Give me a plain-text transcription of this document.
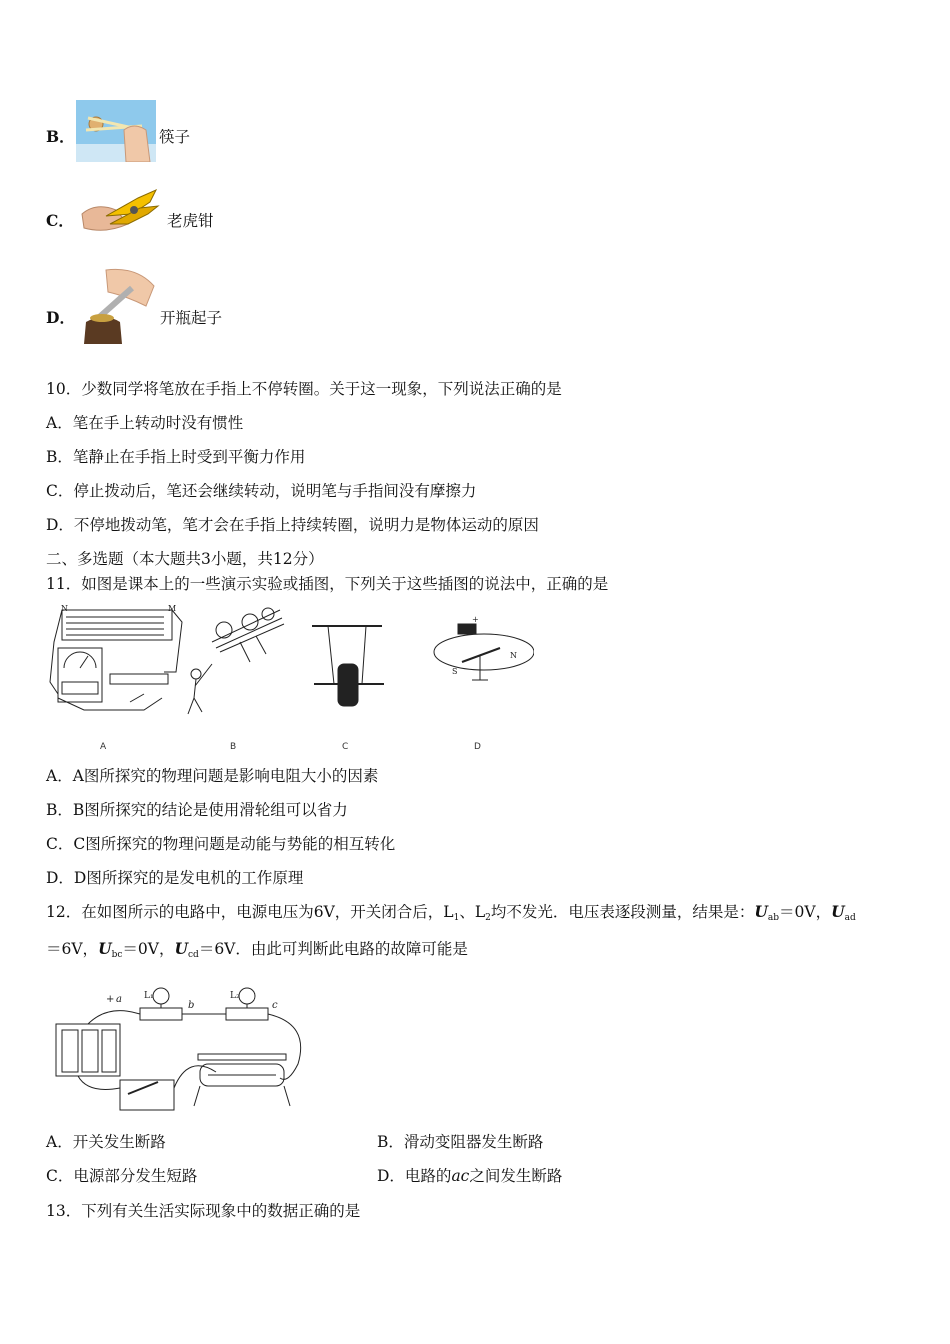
B．	筷子
C．	老虎钳
D．	开瓶起子
10．少数同学将笔放在手指上不停转圈。关于这一现象，下列说法正确的是
A．笔在手上转动时没有惯性
B．笔静止在手指上时受到平衡力作用
C．停止拨动后，笔还会继续转动，说明笔与手指间没有摩擦力
D．不停地拨动笔，笔才会在手指上持续转圈，说明力是物体运动的原因
二、多选题（本大题共3小题，共12分）
11．如图是课本上的一些演示实验或插图，下列关于这些插图的说法中，正确的是
N	M
+
S
N
A	B	C	D
A．A图所探究的物理问题是影响电阻大小的因素
B．B图所探究的结论是使用滑轮组可以省力
C．C图所探究的物理问题是动能与势能的相互转化
D．D图所探究的是发电机的工作原理
12．在如图所示的电路中，电源电压为6V，开关闭合后，$L_1$、$L_2$均不发光．电压表逐段测量，结果是：$U_{ab}=0V$，$U_{ad}$
＝6V，$U_{bc}=0V$，$U_{cd}=6V$．由此可判断此电路的故障可能是
+ a L₁
b
L₂
c
A．开关发生断路	B．滑动变阻器发生断路
C．电源部分发生短路	D．电路的ac之间发生断路
13．下列有关生活实际现象中的数据正确的是
